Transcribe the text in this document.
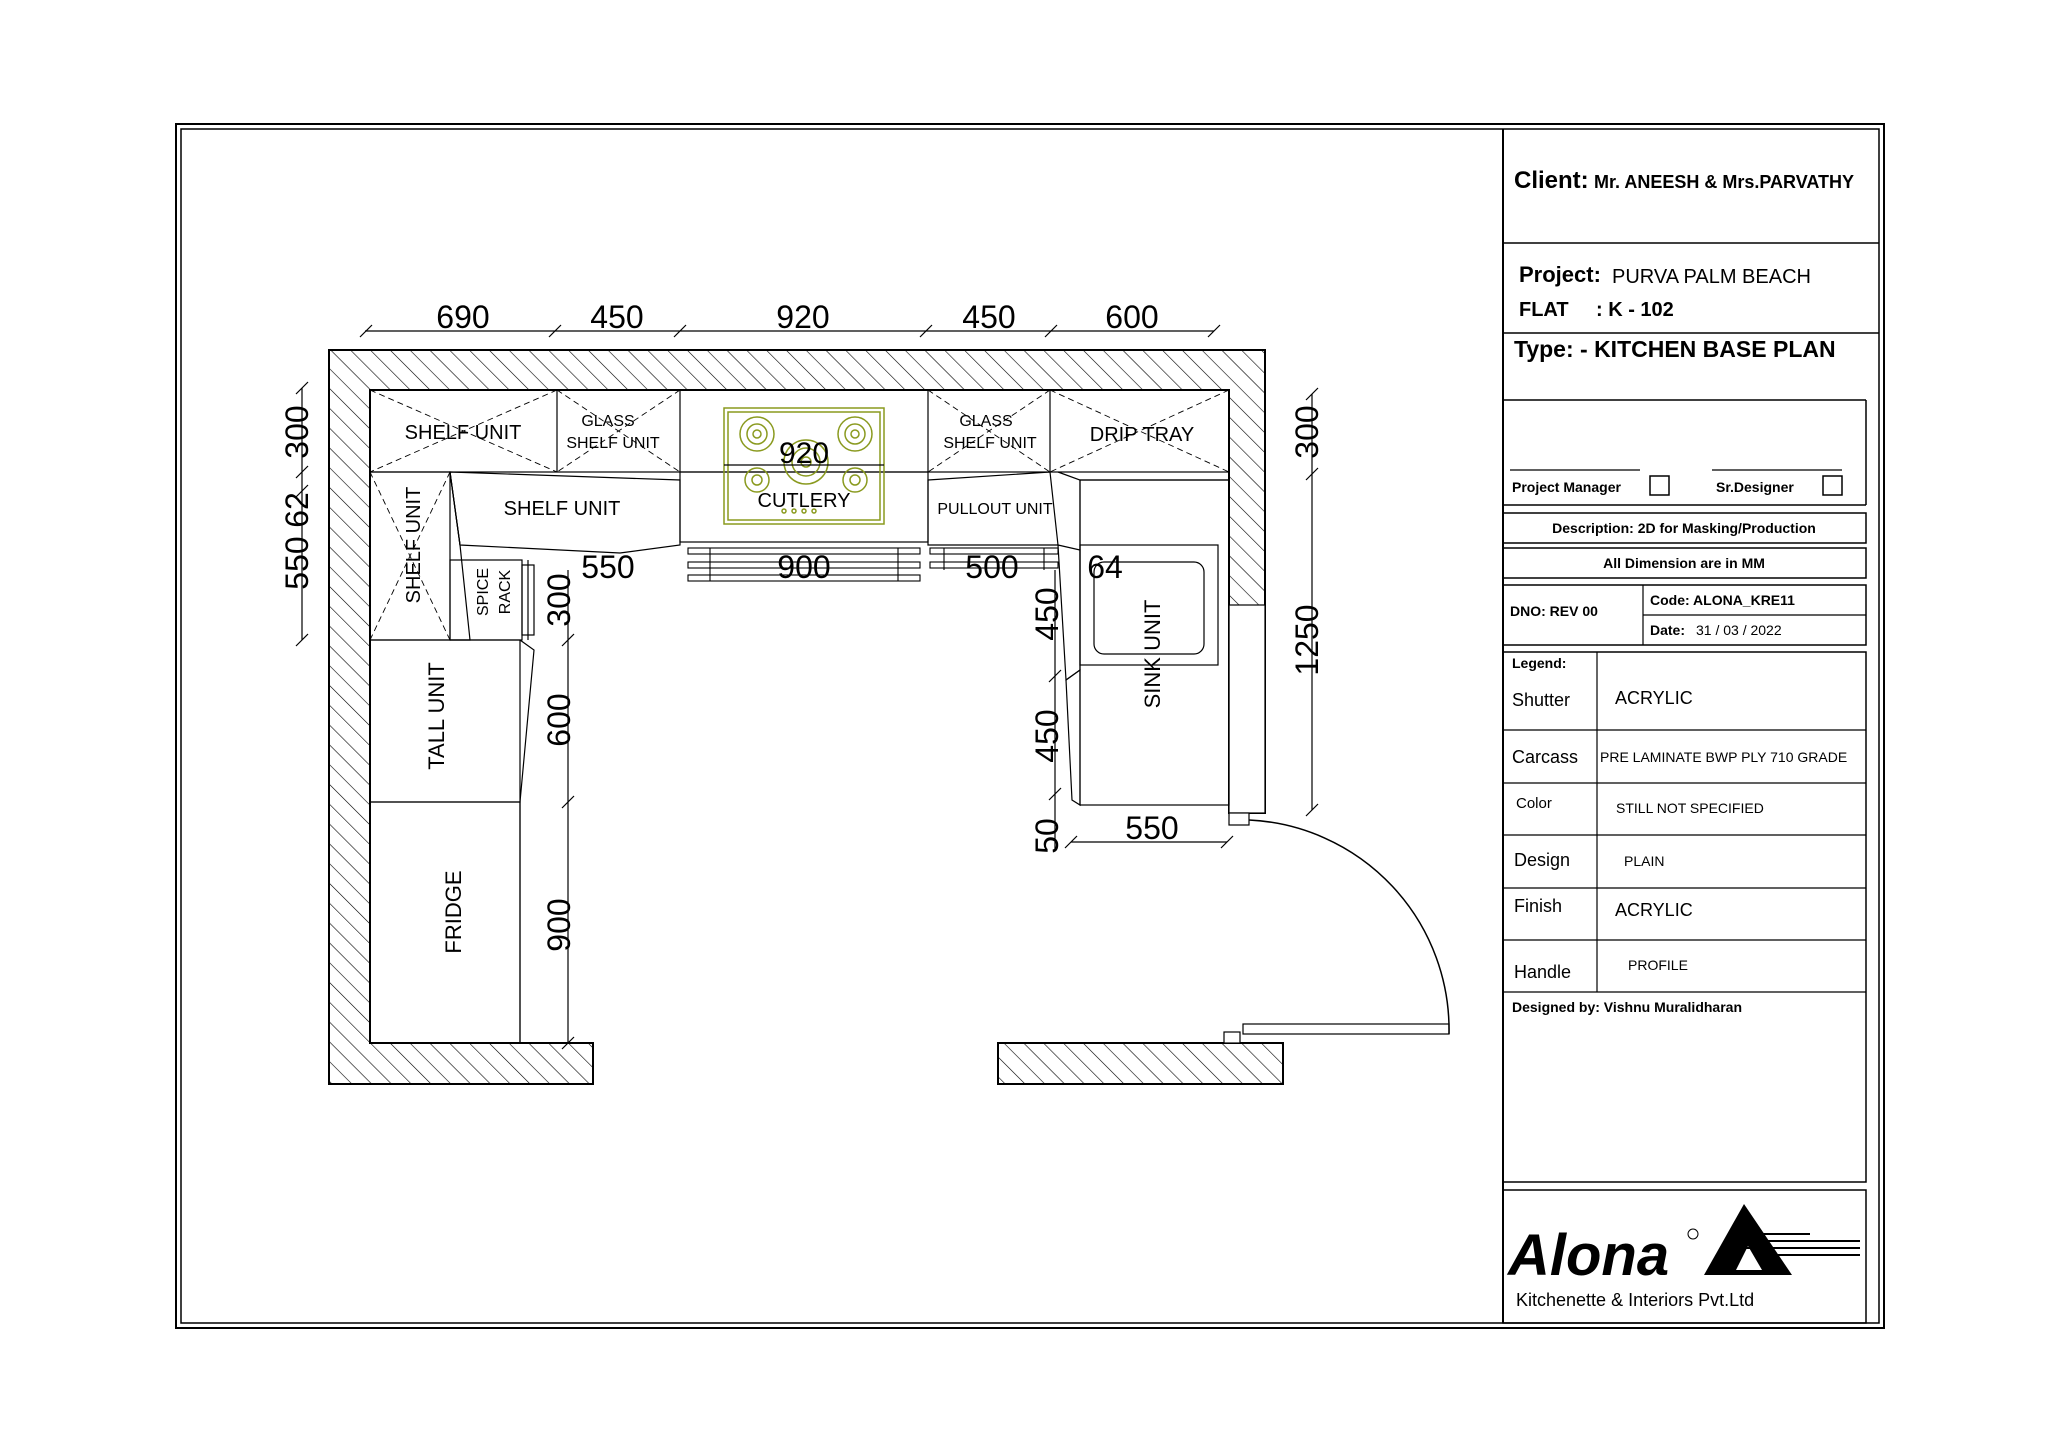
Client: Mr. ANEESH & Mrs.PARVATHY
Project: PURVA PALM BEACH
FLAT : K - 102
Type: - KITCHEN BASE PLAN
Project Manager	Sr.Designer
Description: 2D for Masking/Production
All Dimension are in MM
DNO: REV 00
Code: ALONA_KRE11
Date: 31 / 03 / 2022
Legend:
Shutter ACRYLIC
Carcass PRE LAMINATE BWP PLY 710 GRADE
Color	STILL NOT SPECIFIED
Design	PLAIN
Finish	ACRYLIC
Handle	PROFILE
Designed by: Vishnu Muralidharan
Alona
Kitchenette & Interiors Pvt.Ltd
SHELF UNIT
GLASS
SHELF UNIT
CUTLERY
GLASS
SHELF UNIT	DRIP TRAY
SHELF UNIT	PULLOUT UNIT
SHELF UNIT	SPICE RACK
TALL UNIT
FRIDGE
SINK UNIT
690	450	920	450	600
300
62
550
300
1250
920
550	900	500 64
300
600
900
450
450
50 550
